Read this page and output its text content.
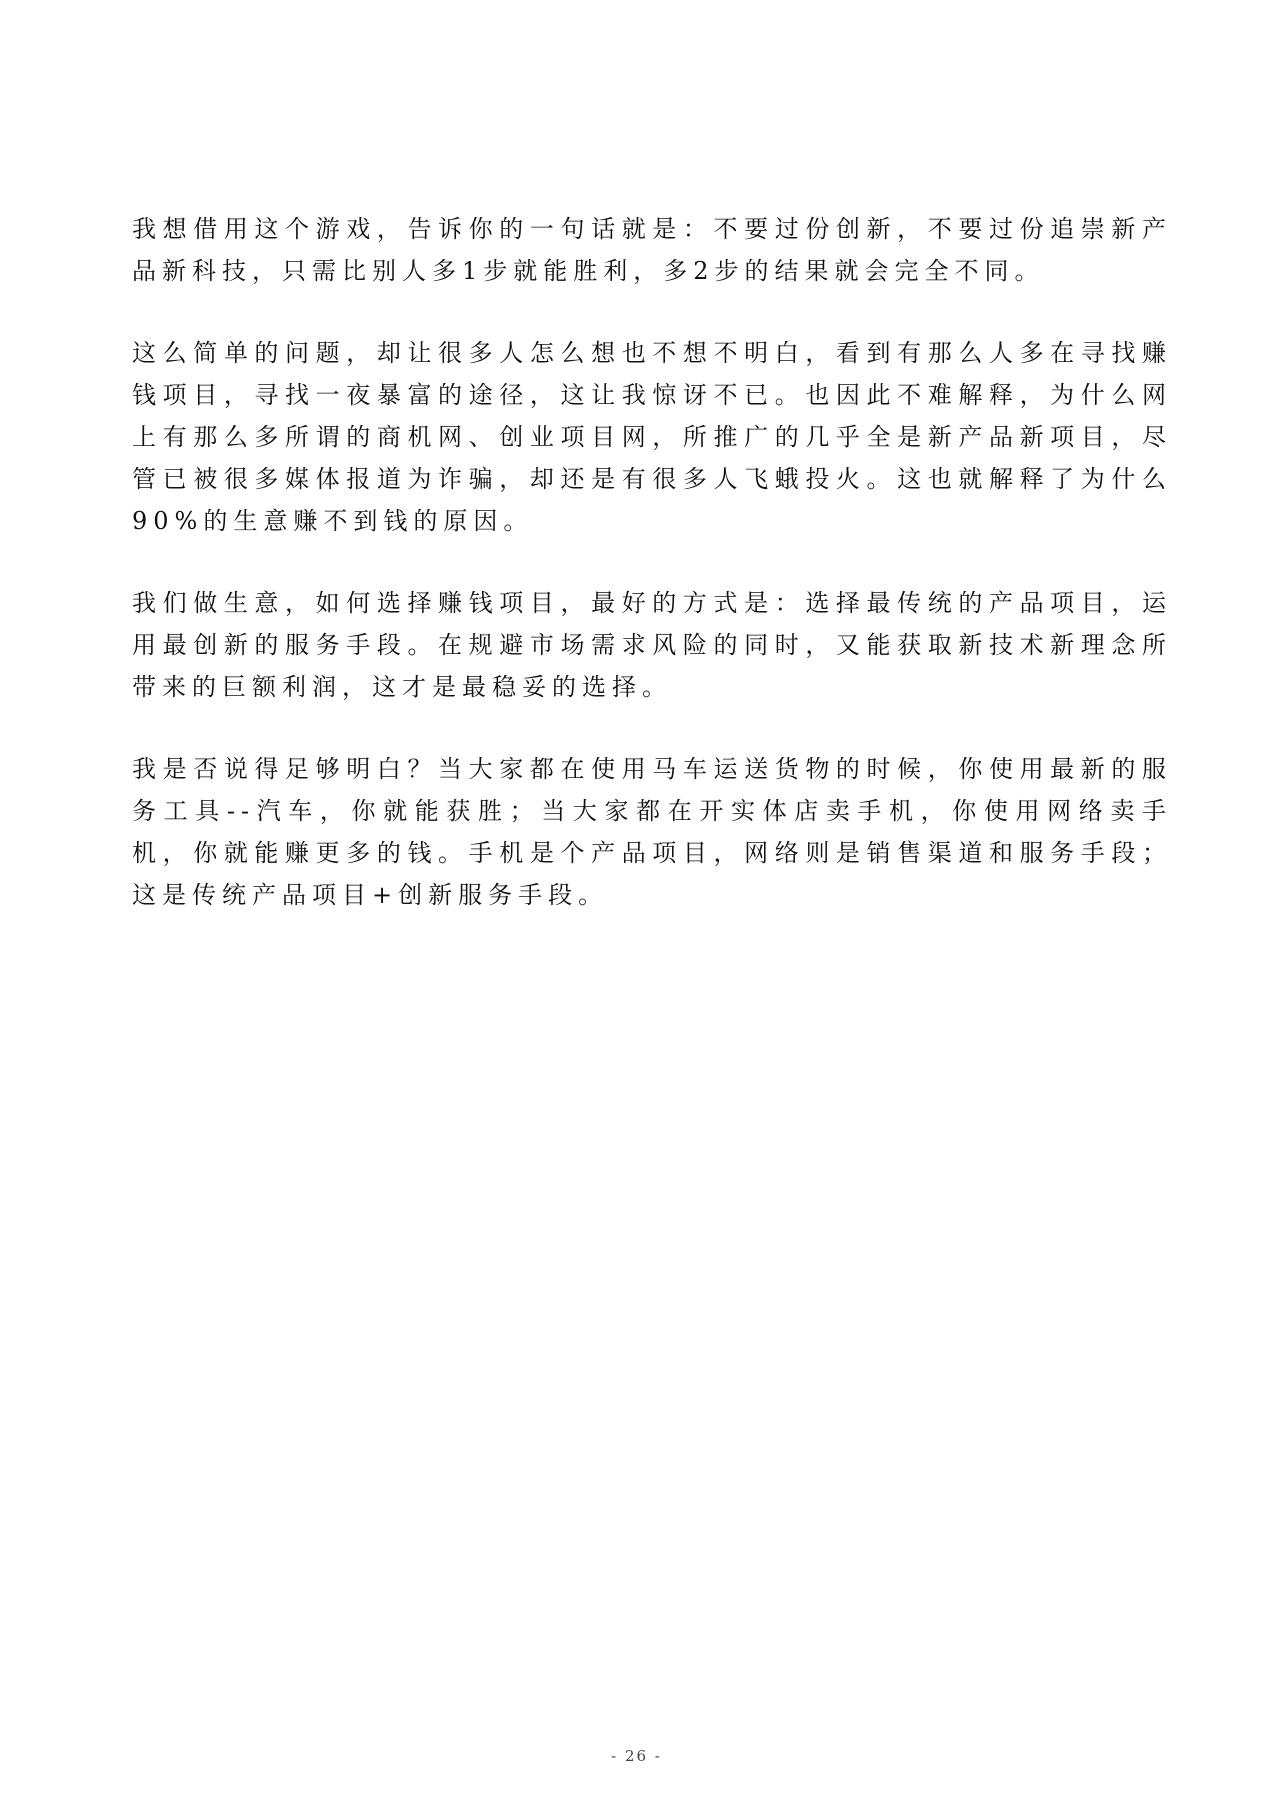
我想借用这个游戏，告诉你的一句话就是：不要过份创新，不要过份追崇新产品新科技，只需比别人多1步就能胜利，多2步的结果就会完全不同。

这么简单的问题，却让很多人怎么想也不想不明白，看到有那么人多在寻找赚钱项目，寻找一夜暴富的途径，这让我惊讶不已。也因此不难解释，为什么网上有那么多所谓的商机网、创业项目网，所推广的几乎全是新产品新项目，尽管已被很多媒体报道为诈骗，却还是有很多人飞蛾投火。这也就解释了为什么90%的生意赚不到钱的原因。

我们做生意，如何选择赚钱项目，最好的方式是：选择最传统的产品项目，运用最创新的服务手段。在规避市场需求风险的同时，又能获取新技术新理念所带来的巨额利润，这才是最稳妥的选择。

我是否说得足够明白？当大家都在使用马车运送货物的时候，你使用最新的服务工具--汽车，你就能获胜；当大家都在开实体店卖手机，你使用网络卖手机，你就能赚更多的钱。手机是个产品项目，网络则是销售渠道和服务手段；这是传统产品项目+创新服务手段。

- 26 -
